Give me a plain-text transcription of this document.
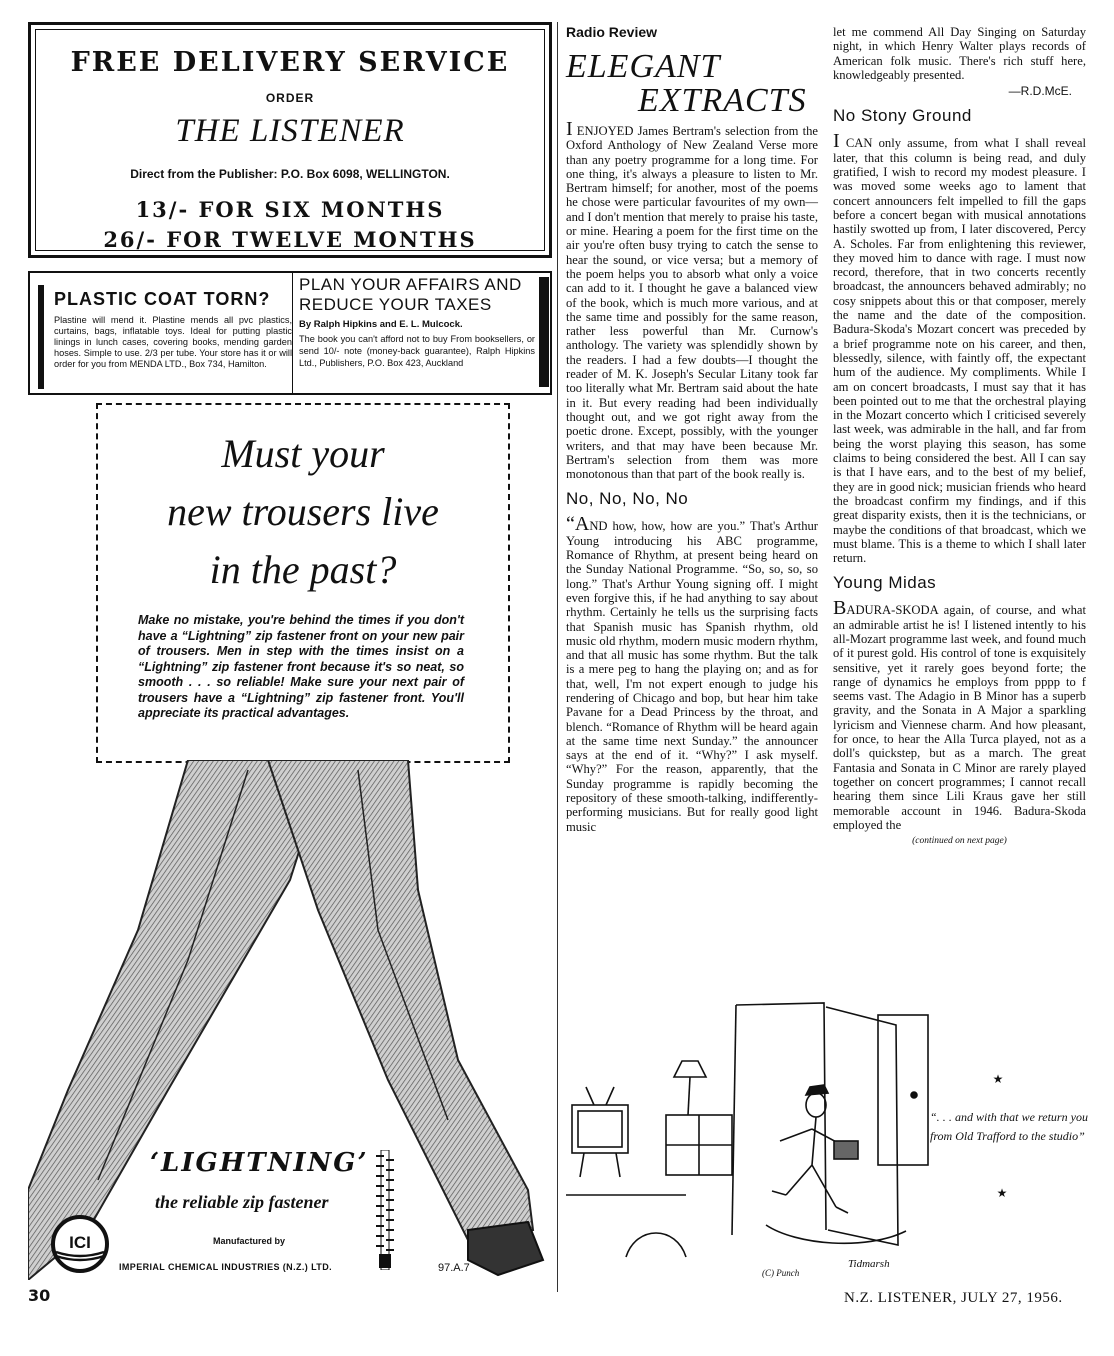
FREE DELIVERY SERVICE
ORDER
THE LISTENER
Direct from the Publisher: P.O. Box 6098, WELLINGTON.
13/- FOR SIX MONTHS
26/- FOR TWELVE MONTHS
PLASTIC COAT TORN?
Plastine will mend it. Plastine mends all pvc plastics, curtains, bags, inflatable toys. Ideal for putting plastic linings in lunch cases, covering books, mending garden hoses. Simple to use. 2/3 per tube. Your store has it or will order for you from MENDA LTD., Box 734, Hamilton.
PLAN YOUR AFFAIRS AND REDUCE YOUR TAXES
By Ralph Hipkins and E. L. Mulcock.
The book you can't afford not to buy From booksellers, or send 10/- note (money-back guarantee), Ralph Hipkins Ltd., Publishers, P.O. Box 423, Auckland
Must your
new trousers live
in the past?
Make no mistake, you're behind the times if you don't have a “Lightning” zip fastener front on your new pair of trousers. Men in step with the times insist on a “Lightning” zip fastener front because it's so neat, so smooth . . . so reliable! Make sure your next pair of trousers have a “Lightning” zip fastener front. You'll appreciate its practical advantages.
‘LIGHTNING’
the reliable zip fastener
ICI	Manufactured by
IMPERIAL CHEMICAL INDUSTRIES (N.Z.) LTD.	97.A.7
Radio Review
ELEGANT
EXTRACTS

I ENJOYED James Bertram's selection from the Oxford Anthology of New Zealand Verse more than any poetry programme for a long time. For one thing, it's always a pleasure to listen to Mr. Bertram himself; for another, most of the poems he chose were particular favourites of my own—and I don't mention that merely to praise his taste, or mine. Hearing a poem for the first time on the air you're often busy trying to catch the sense to hear the sound, or vice versa; but a memory of the poem helps you to absorb what only a voice can add to it. I thought he gave a balanced view of the book, which is much more various, and at the same time and possibly for the same reason, rather less powerful than Mr. Curnow's anthology. The variety was splendidly shown by the readers. I had a few doubts—I thought the reader of M. K. Joseph's Secular Litany took far too literally what Mr. Bertram said about the hate in it. But every reading had been individually thought out, and we got right away from the poetic drone. Except, possibly, with the younger writers, and that may have been because Mr. Bertram's selection from them was more monotonous than that part of the book really is.

No, No, No, No

“AND how, how, how are you.” That's Arthur Young introducing his ABC programme, Romance of Rhythm, at present being heard on the Sunday National Programme. “So, so, so, so long.” That's Arthur Young signing off. I might even forgive this, if he had anything to say about rhythm. Certainly he tells us the surprising facts that Spanish music has Spanish rhythm, old music old rhythm, modern music modern rhythm, and that all music has some rhythm. But the talk is a mere peg to hang the playing on; and as for that, well, I'm not expert enough to judge his rendering of Chicago and bop, but hear him take Pavane for a Dead Princess by the throat, and blench. “Romance of Rhythm will be heard again at the same time next Sunday.” the announcer says at the end of it. “Why?” I ask myself. “Why?” For the reason, apparently, that the Sunday programme is rapidly becoming the repository of these smooth-talking, indifferently-performing musicians. But for really good light music

let me commend All Day Singing on Saturday night, in which Henry Walter plays records of American folk music. There's rich stuff here, knowledgeably presented.

—R.D.McE.
No Stony Ground

I CAN only assume, from what I shall reveal later, that this column is being read, and duly gratified, I wish to record my modest pleasure. I was moved some weeks ago to lament that concert announcers felt impelled to fill the gaps before a concert began with musical annotations hastily swotted up from, I later discovered, Percy A. Scholes. Far from enlightening this reviewer, they moved him to dance with rage. I must now record, therefore, that in two concerts recently broadcast, the announcers behaved admirably; no cosy snippets about this or that composer, merely the name and the date of the composition. Badura-Skoda's Mozart concert was preceded by a brief programme note on his career, and then, blessedly, silence, with faintly off, the expectant hum of the audience. My compliments. While I am on concert broadcasts, I must say that it has been pointed out to me that the orchestral playing in the Mozart concerto which I criticised severely last week, was admirable in the hall, and far from being the worst playing this season, has some claims to being considered the best. All I can say is that I have ears, and to the best of my belief, they are in good nick; musician friends who heard the broadcast confirm my findings, and if this great disparity exists, then it is the technicians, or maybe the conditions of that broadcast, which we must blame. This is a theme to which I shall later return.

Young Midas

BADURA-SKODA again, of course, and what an admirable artist he is! I listened intently to his all-Mozart programme last week, and found much of it purest gold. His control of tone is exquisitely sensitive, yet it rarely goes beyond forte; the range of dynamics he employs from pppp to f seems vast. The Adagio in B Minor has a superb gravity, and the Sonata in A Major a sparkling lyricism and Viennese charm. And how pleasant, for once, to hear the Alla Turca played, not as a doll's quickstep, but as a march. The great Fantasia and Sonata in C Minor are rarely played together on concert programmes; I cannot recall hearing them since Lili Kraus gave her still memorable account in 1946. Badura-Skoda employed the

(continued on next page)
★
★
“. . . and with that we return you from Old Trafford to the studio”
(C) Punch
Tidmarsh
30	N.Z. LISTENER, JULY 27, 1956.
